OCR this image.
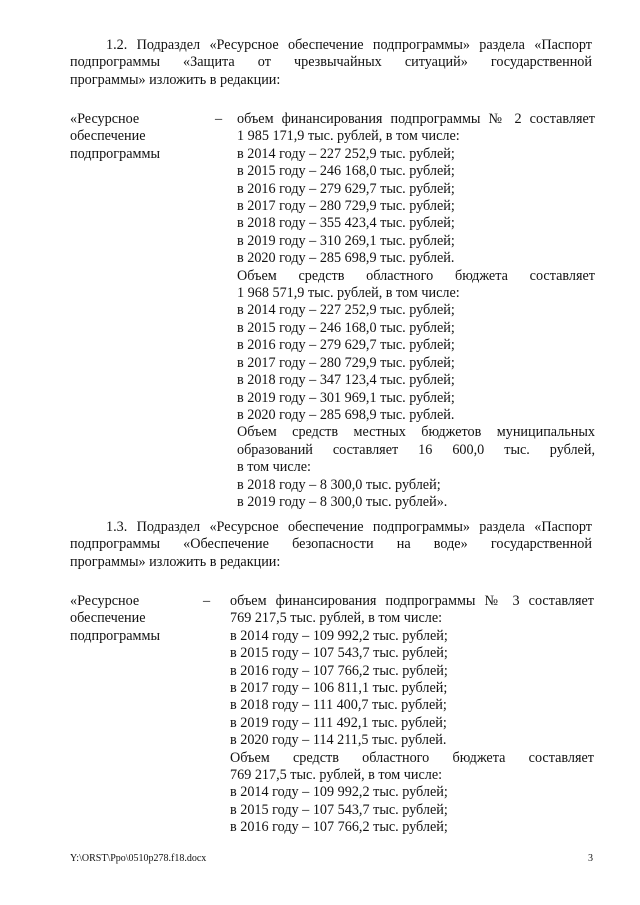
1.2. Подраздел «Ресурсное обеспечение подпрограммы» раздела «Паспорт
подпрограммы «Защита от чрезвычайных ситуаций» государственной
программы» изложить в редакции:
«Ресурсное
обеспечение
подпрограммы
– объем финансирования подпрограммы № 2 составляет
1 985 171,9 тыс. рублей, в том числе:
в 2014 году – 227 252,9 тыс. рублей;
в 2015 году – 246 168,0 тыс. рублей;
в 2016 году – 279 629,7 тыс. рублей;
в 2017 году – 280 729,9 тыс. рублей;
в 2018 году – 355 423,4 тыс. рублей;
в 2019 году – 310 269,1 тыс. рублей;
в 2020 году – 285 698,9 тыс. рублей.
Объем средств областного бюджета составляет
1 968 571,9 тыс. рублей, в том числе:
в 2014 году – 227 252,9 тыс. рублей;
в 2015 году – 246 168,0 тыс. рублей;
в 2016 году – 279 629,7 тыс. рублей;
в 2017 году – 280 729,9 тыс. рублей;
в 2018 году – 347 123,4 тыс. рублей;
в 2019 году – 301 969,1 тыс. рублей;
в 2020 году – 285 698,9 тыс. рублей.
Объем средств местных бюджетов муниципальных
образований составляет 16 600,0 тыс. рублей,
в том числе:
в 2018 году – 8 300,0 тыс. рублей;
в 2019 году – 8 300,0 тыс. рублей».
1.3. Подраздел «Ресурсное обеспечение подпрограммы» раздела «Паспорт
подпрограммы «Обеспечение безопасности на воде» государственной
программы» изложить в редакции:
«Ресурсное
обеспечение
подпрограммы
– объем финансирования подпрограммы № 3 составляет
769 217,5 тыс. рублей, в том числе:
в 2014 году – 109 992,2 тыс. рублей;
в 2015 году – 107 543,7 тыс. рублей;
в 2016 году – 107 766,2 тыс. рублей;
в 2017 году – 106 811,1 тыс. рублей;
в 2018 году – 111 400,7 тыс. рублей;
в 2019 году – 111 492,1 тыс. рублей;
в 2020 году – 114 211,5 тыс. рублей.
Объем средств областного бюджета составляет
769 217,5 тыс. рублей, в том числе:
в 2014 году – 109 992,2 тыс. рублей;
в 2015 году – 107 543,7 тыс. рублей;
в 2016 году – 107 766,2 тыс. рублей;
Y:\ORST\Ppo\0510p278.f18.docx	3
